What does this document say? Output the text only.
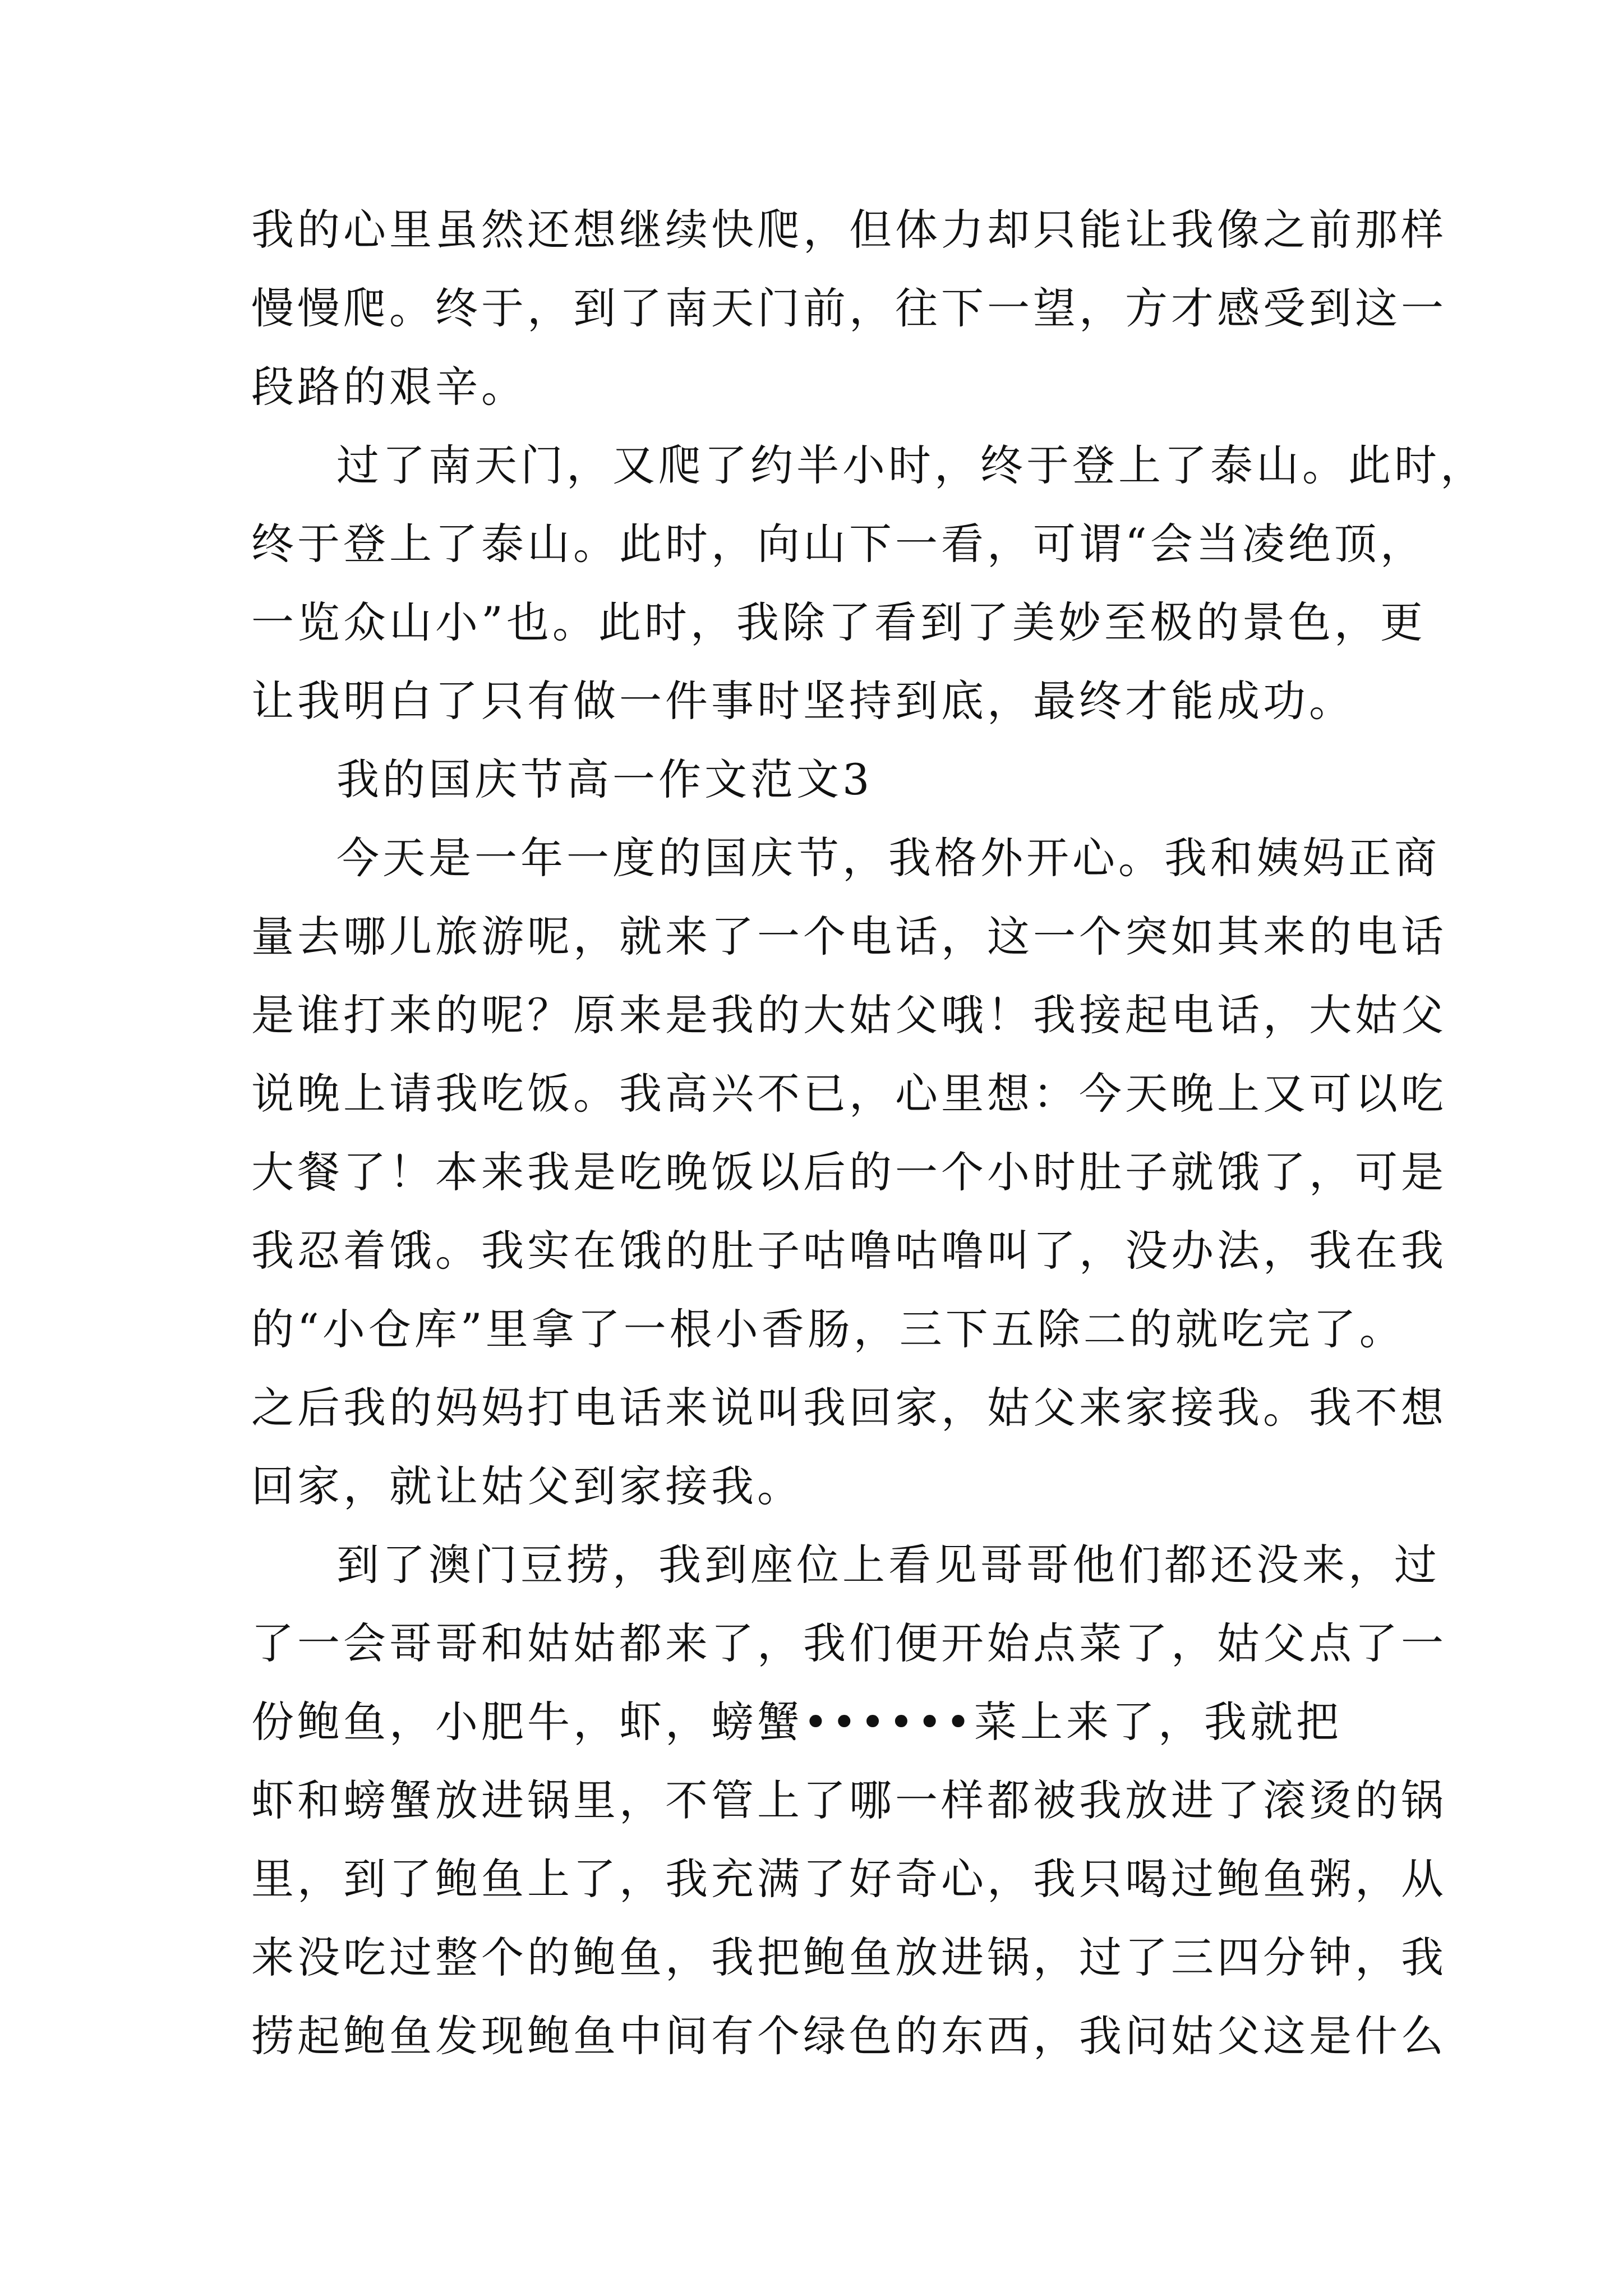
我的心里虽然还想继续快爬，但体力却只能让我像之前那样
慢慢爬。终于，到了南天门前，往下一望，方才感受到这一
段路的艰辛。
过了南天门，又爬了约半小时，终于登上了泰山。此时，
终于登上了泰山。此时，向山下一看，可谓“会当凌绝顶，
一览众山小”也。此时，我除了看到了美妙至极的景色，更
让我明白了只有做一件事时坚持到底，最终才能成功。
我的国庆节高一作文范文3
今天是一年一度的国庆节，我格外开心。我和姨妈正商
量去哪儿旅游呢，就来了一个电话，这一个突如其来的电话
是谁打来的呢？原来是我的大姑父哦！我接起电话，大姑父
说晚上请我吃饭。我高兴不已，心里想：今天晚上又可以吃
大餐了！本来我是吃晚饭以后的一个小时肚子就饿了，可是
我忍着饿。我实在饿的肚子咕噜咕噜叫了，没办法，我在我
的“小仓库”里拿了一根小香肠，三下五除二的就吃完了。
之后我的妈妈打电话来说叫我回家，姑父来家接我。我不想
回家，就让姑父到家接我。
到了澳门豆捞，我到座位上看见哥哥他们都还没来，过
了一会哥哥和姑姑都来了，我们便开始点菜了，姑父点了一
份鲍鱼，小肥牛，虾，螃蟹••••••菜上来了，我就把
虾和螃蟹放进锅里，不管上了哪一样都被我放进了滚烫的锅
里，到了鲍鱼上了，我充满了好奇心，我只喝过鲍鱼粥，从
来没吃过整个的鲍鱼，我把鲍鱼放进锅，过了三四分钟，我
捞起鲍鱼发现鲍鱼中间有个绿色的东西，我问姑父这是什么
